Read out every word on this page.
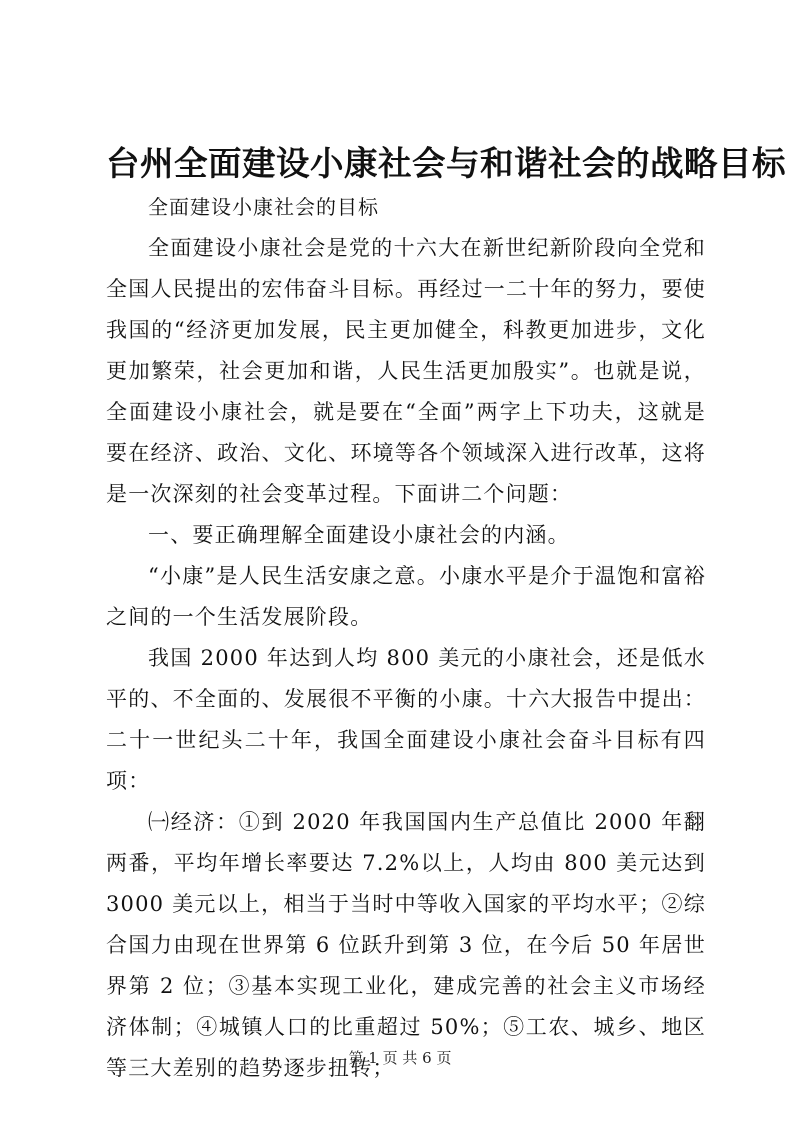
台州全面建设小康社会与和谐社会的战略目标
全面建设小康社会的目标

全面建设小康社会是党的十六大在新世纪新阶段向全党和全国人民提出的宏伟奋斗目标。再经过一二十年的努力，要使我国的“经济更加发展，民主更加健全，科教更加进步，文化更加繁荣，社会更加和谐，人民生活更加殷实”。也就是说，全面建设小康社会，就是要在“全面”两字上下功夫，这就是要在经济、政治、文化、环境等各个领域深入进行改革，这将是一次深刻的社会变革过程。下面讲二个问题：

一、要正确理解全面建设小康社会的内涵。

“小康”是人民生活安康之意。小康水平是介于温饱和富裕之间的一个生活发展阶段。

我国 2000 年达到人均 800 美元的小康社会，还是低水平的、不全面的、发展很不平衡的小康。十六大报告中提出：二十一世纪头二十年，我国全面建设小康社会奋斗目标有四项：

㈠经济：①到 2020 年我国国内生产总值比 2000 年翻两番，平均年增长率要达 7.2%以上，人均由 800 美元达到 3000 美元以上，相当于当时中等收入国家的平均水平；②综合国力由现在世界第 6 位跃升到第 3 位，在今后 50 年居世界第 2 位；③基本实现工业化，建成完善的社会主义市场经济体制；④城镇人口的比重超过 50%；⑤工农、城乡、地区等三大差别的趋势逐步扭转；

第 1 页 共 6 页
